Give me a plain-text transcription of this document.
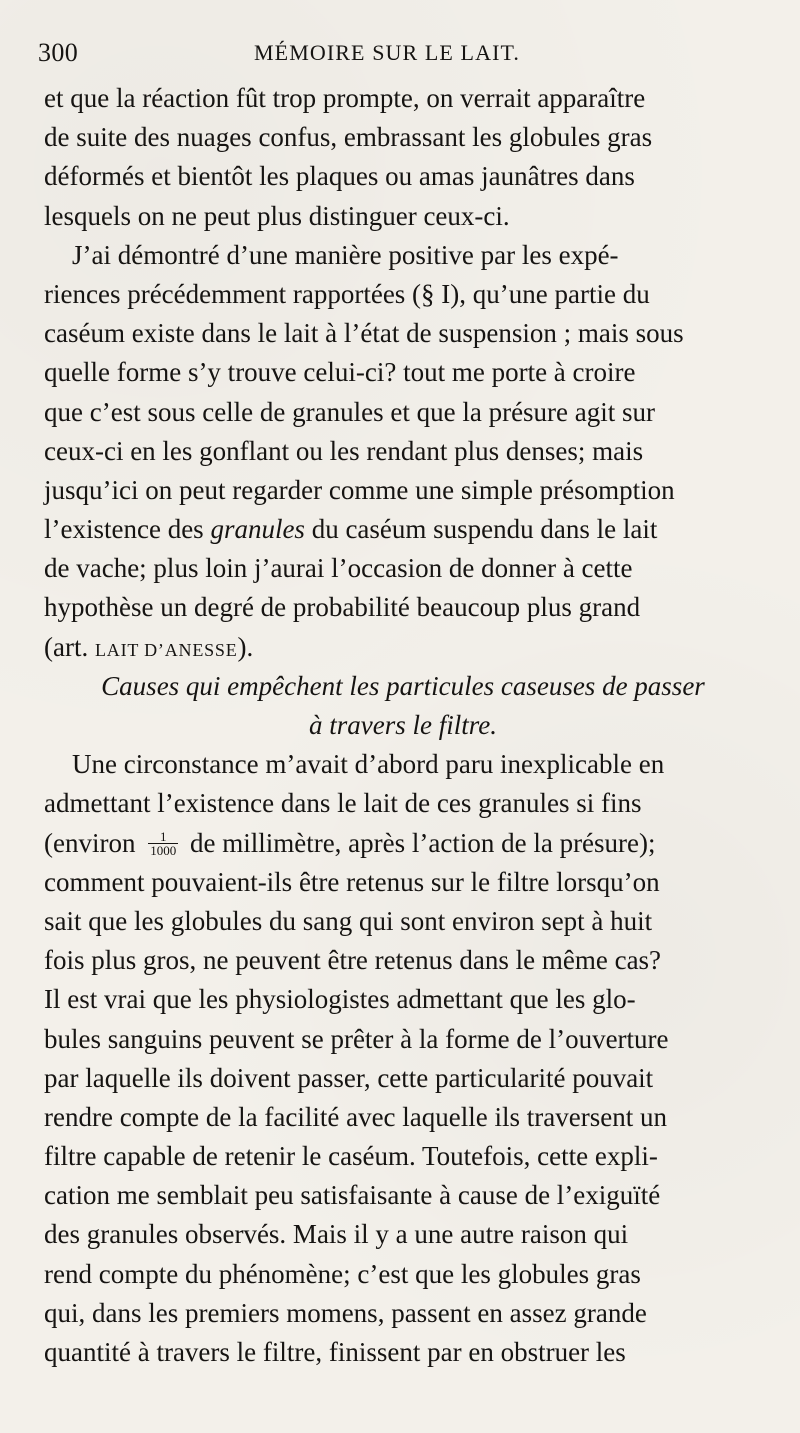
300	MÉMOIRE SUR LE LAIT.
et que la réaction fût trop prompte, on verrait apparaître
de suite des nuages confus, embrassant les globules gras
déformés et bientôt les plaques ou amas jaunâtres dans
lesquels on ne peut plus distinguer ceux-ci.
J’ai démontré d’une manière positive par les expé-
riences précédemment rapportées (§ I), qu’une partie du
caséum existe dans le lait à l’état de suspension ; mais sous
quelle forme s’y trouve celui-ci? tout me porte à croire
que c’est sous celle de granules et que la présure agit sur
ceux-ci en les gonflant ou les rendant plus denses; mais
jusqu’ici on peut regarder comme une simple présomption
l’existence des granules du caséum suspendu dans le lait
de vache; plus loin j’aurai l’occasion de donner à cette
hypothèse un degré de probabilité beaucoup plus grand
(art. LAIT D’ANESSE).
Causes qui empêchent les particules caseuses de passer
à travers le filtre.
Une circonstance m’avait d’abord paru inexplicable en
admettant l’existence dans le lait de ces granules si fins
(environ $\frac{1}{1000}$ de millimètre, après l’action de la présure);
comment pouvaient-ils être retenus sur le filtre lorsqu’on
sait que les globules du sang qui sont environ sept à huit
fois plus gros, ne peuvent être retenus dans le même cas?
Il est vrai que les physiologistes admettant que les glo-
bules sanguins peuvent se prêter à la forme de l’ouverture
par laquelle ils doivent passer, cette particularité pouvait
rendre compte de la facilité avec laquelle ils traversent un
filtre capable de retenir le caséum. Toutefois, cette expli-
cation me semblait peu satisfaisante à cause de l’exiguïté
des granules observés. Mais il y a une autre raison qui
rend compte du phénomène; c’est que les globules gras
qui, dans les premiers momens, passent en assez grande
quantité à travers le filtre, finissent par en obstruer les
